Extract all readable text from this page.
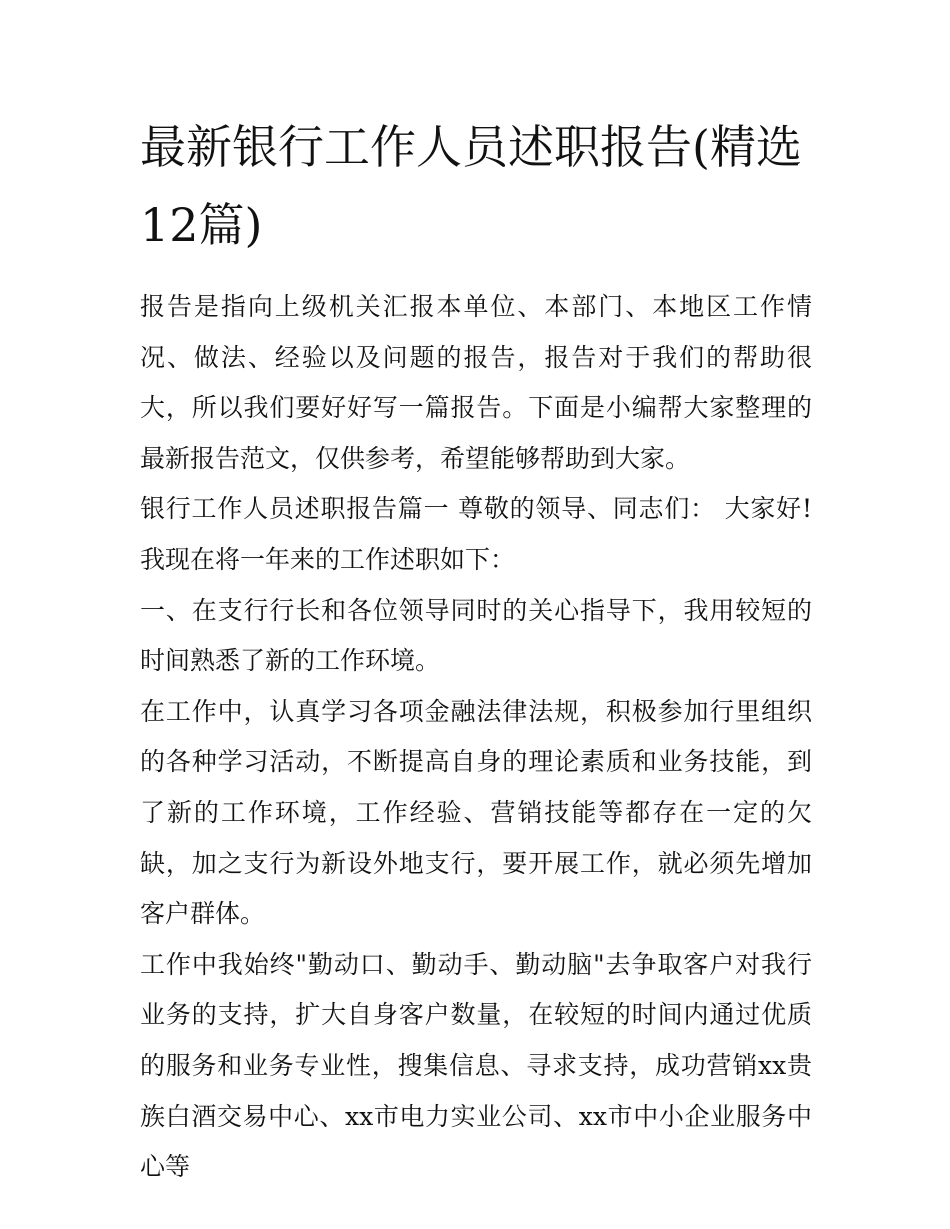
最新银行工作人员述职报告(精选12篇)

报告是指向上级机关汇报本单位、本部门、本地区工作情况、做法、经验以及问题的报告，报告对于我们的帮助很大，所以我们要好好写一篇报告。下面是小编帮大家整理的最新报告范文，仅供参考，希望能够帮助到大家。

银行工作人员述职报告篇一 尊敬的领导、同志们： 大家好!我现在将一年来的工作述职如下：

一、在支行行长和各位领导同时的关心指导下，我用较短的时间熟悉了新的工作环境。

在工作中，认真学习各项金融法律法规，积极参加行里组织的各种学习活动，不断提高自身的理论素质和业务技能，到了新的工作环境，工作经验、营销技能等都存在一定的欠缺，加之支行为新设外地支行，要开展工作，就必须先增加客户群体。

工作中我始终"勤动口、勤动手、勤动脑"去争取客户对我行业务的支持，扩大自身客户数量，在较短的时间内通过优质的服务和业务专业性，搜集信息、寻求支持，成功营销xx贵族白酒交易中心、xx市电力实业公司、xx市中小企业服务中心等
